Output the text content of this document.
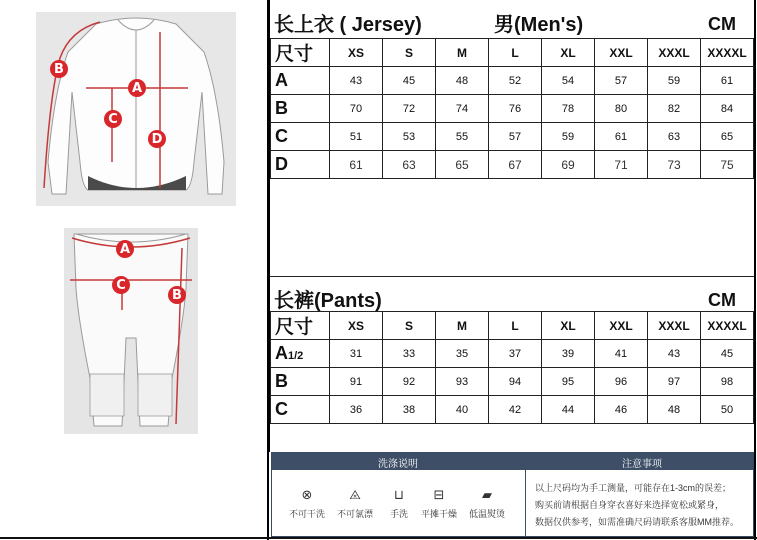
B
A
C
D
A
C
B
长上衣 ( Jersey)	男(Men's)	CM
尺寸	XS	S	M	L	XL	XXL	XXXL	XXXXL
A	43	45	48	52	54	57	59	61
B	70	72	74	76	78	80	82	84
C	51	53	55	57	59	61	63	65
D	61	63	65	67	69	71	73	75
长裤(Pants)	CM
尺寸	XS	S	M	L	XL	XXL	XXXL	XXXXL
A1/2	31	33	35	37	39	41	43	45
B	91	92	93	94	95	96	97	98
C	36	38	40	42	44	46	48	50
洗涤说明	注意事项
⊗
不可干洗
⨻
不可氯漂
⊔
手洗
⊟
平摊干燥
▰
低温熨烫
以上尺码均为手工测量，可能存在1-3cm的误差；
购买前请根据自身穿衣喜好来选择宽松或紧身，
数据仅供参考，如需准确尺码请联系客服MM推荐。
